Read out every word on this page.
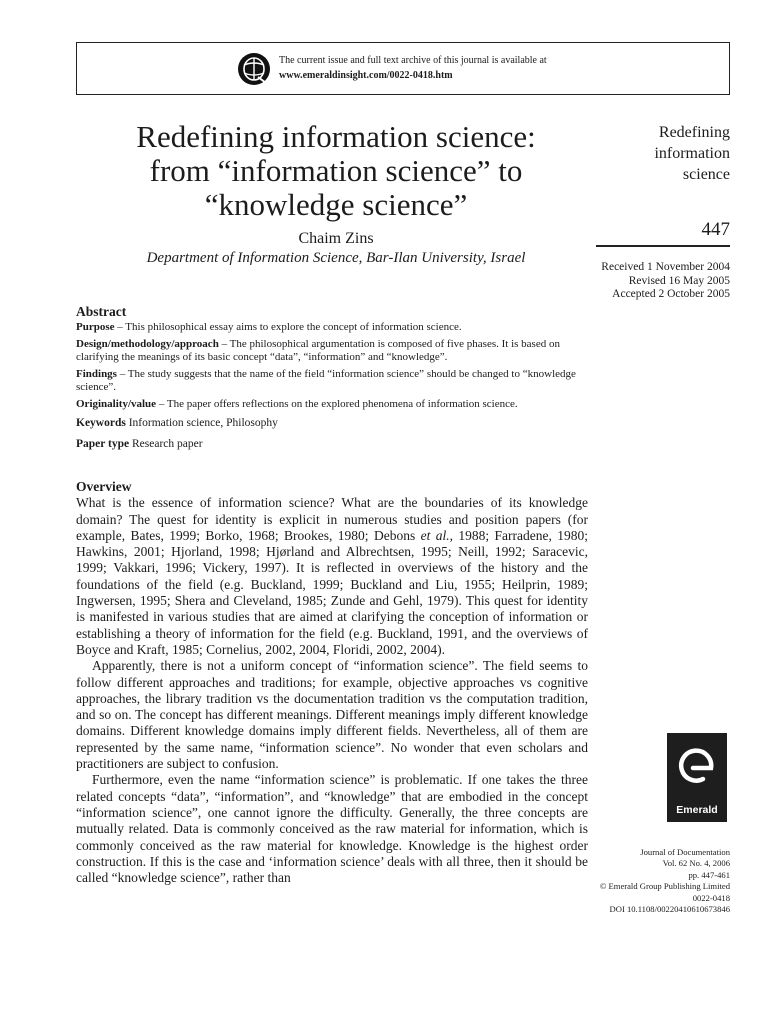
The current issue and full text archive of this journal is available at
www.emeraldinsight.com/0022-0418.htm
Redefining information science:
from “information science” to
“knowledge science”
Chaim Zins
Department of Information Science, Bar-Ilan University, Israel
Redefining
information
science
447
Received 1 November 2004
Revised 16 May 2005
Accepted 2 October 2005
Abstract

Purpose – This philosophical essay aims to explore the concept of information science.

Design/methodology/approach – The philosophical argumentation is composed of five phases. It is based on clarifying the meanings of its basic concept “data”, “information” and “knowledge”.

Findings – The study suggests that the name of the field “information science” should be changed to “knowledge science”.

Originality/value – The paper offers reflections on the explored phenomena of information science.

Keywords Information science, Philosophy

Paper type Research paper

Overview

What is the essence of information science? What are the boundaries of its knowledge domain? The quest for identity is explicit in numerous studies and position papers (for example, Bates, 1999; Borko, 1968; Brookes, 1980; Debons et al., 1988; Farradene, 1980; Hawkins, 2001; Hjorland, 1998; Hjørland and Albrechtsen, 1995; Neill, 1992; Saracevic, 1999; Vakkari, 1996; Vickery, 1997). It is reflected in overviews of the history and the foundations of the field (e.g. Buckland, 1999; Buckland and Liu, 1955; Heilprin, 1989; Ingwersen, 1995; Shera and Cleveland, 1985; Zunde and Gehl, 1979). This quest for identity is manifested in various studies that are aimed at clarifying the conception of information or establishing a theory of information for the field (e.g. Buckland, 1991, and the overviews of Boyce and Kraft, 1985; Cornelius, 2002, 2004, Floridi, 2002, 2004).

Apparently, there is not a uniform concept of “information science”. The field seems to follow different approaches and traditions; for example, objective approaches vs cognitive approaches, the library tradition vs the documentation tradition vs the computation tradition, and so on. The concept has different meanings. Different meanings imply different knowledge domains. Different knowledge domains imply different fields. Nevertheless, all of them are represented by the same name, “information science”. No wonder that even scholars and practitioners are subject to confusion.

Furthermore, even the name “information science” is problematic. If one takes the three related concepts “data”, “information”, and “knowledge” that are embodied in the concept “information science”, one cannot ignore the difficulty. Generally, the three concepts are mutually related. Data is commonly conceived as the raw material for information, which is commonly conceived as the raw material for knowledge. Knowledge is the highest order construction. If this is the case and ‘information science’ deals with all three, then it should be called “knowledge science”, rather than

Emerald
Journal of Documentation
Vol. 62 No. 4, 2006
pp. 447-461
© Emerald Group Publishing Limited
0022-0418
DOI 10.1108/00220410610673846
